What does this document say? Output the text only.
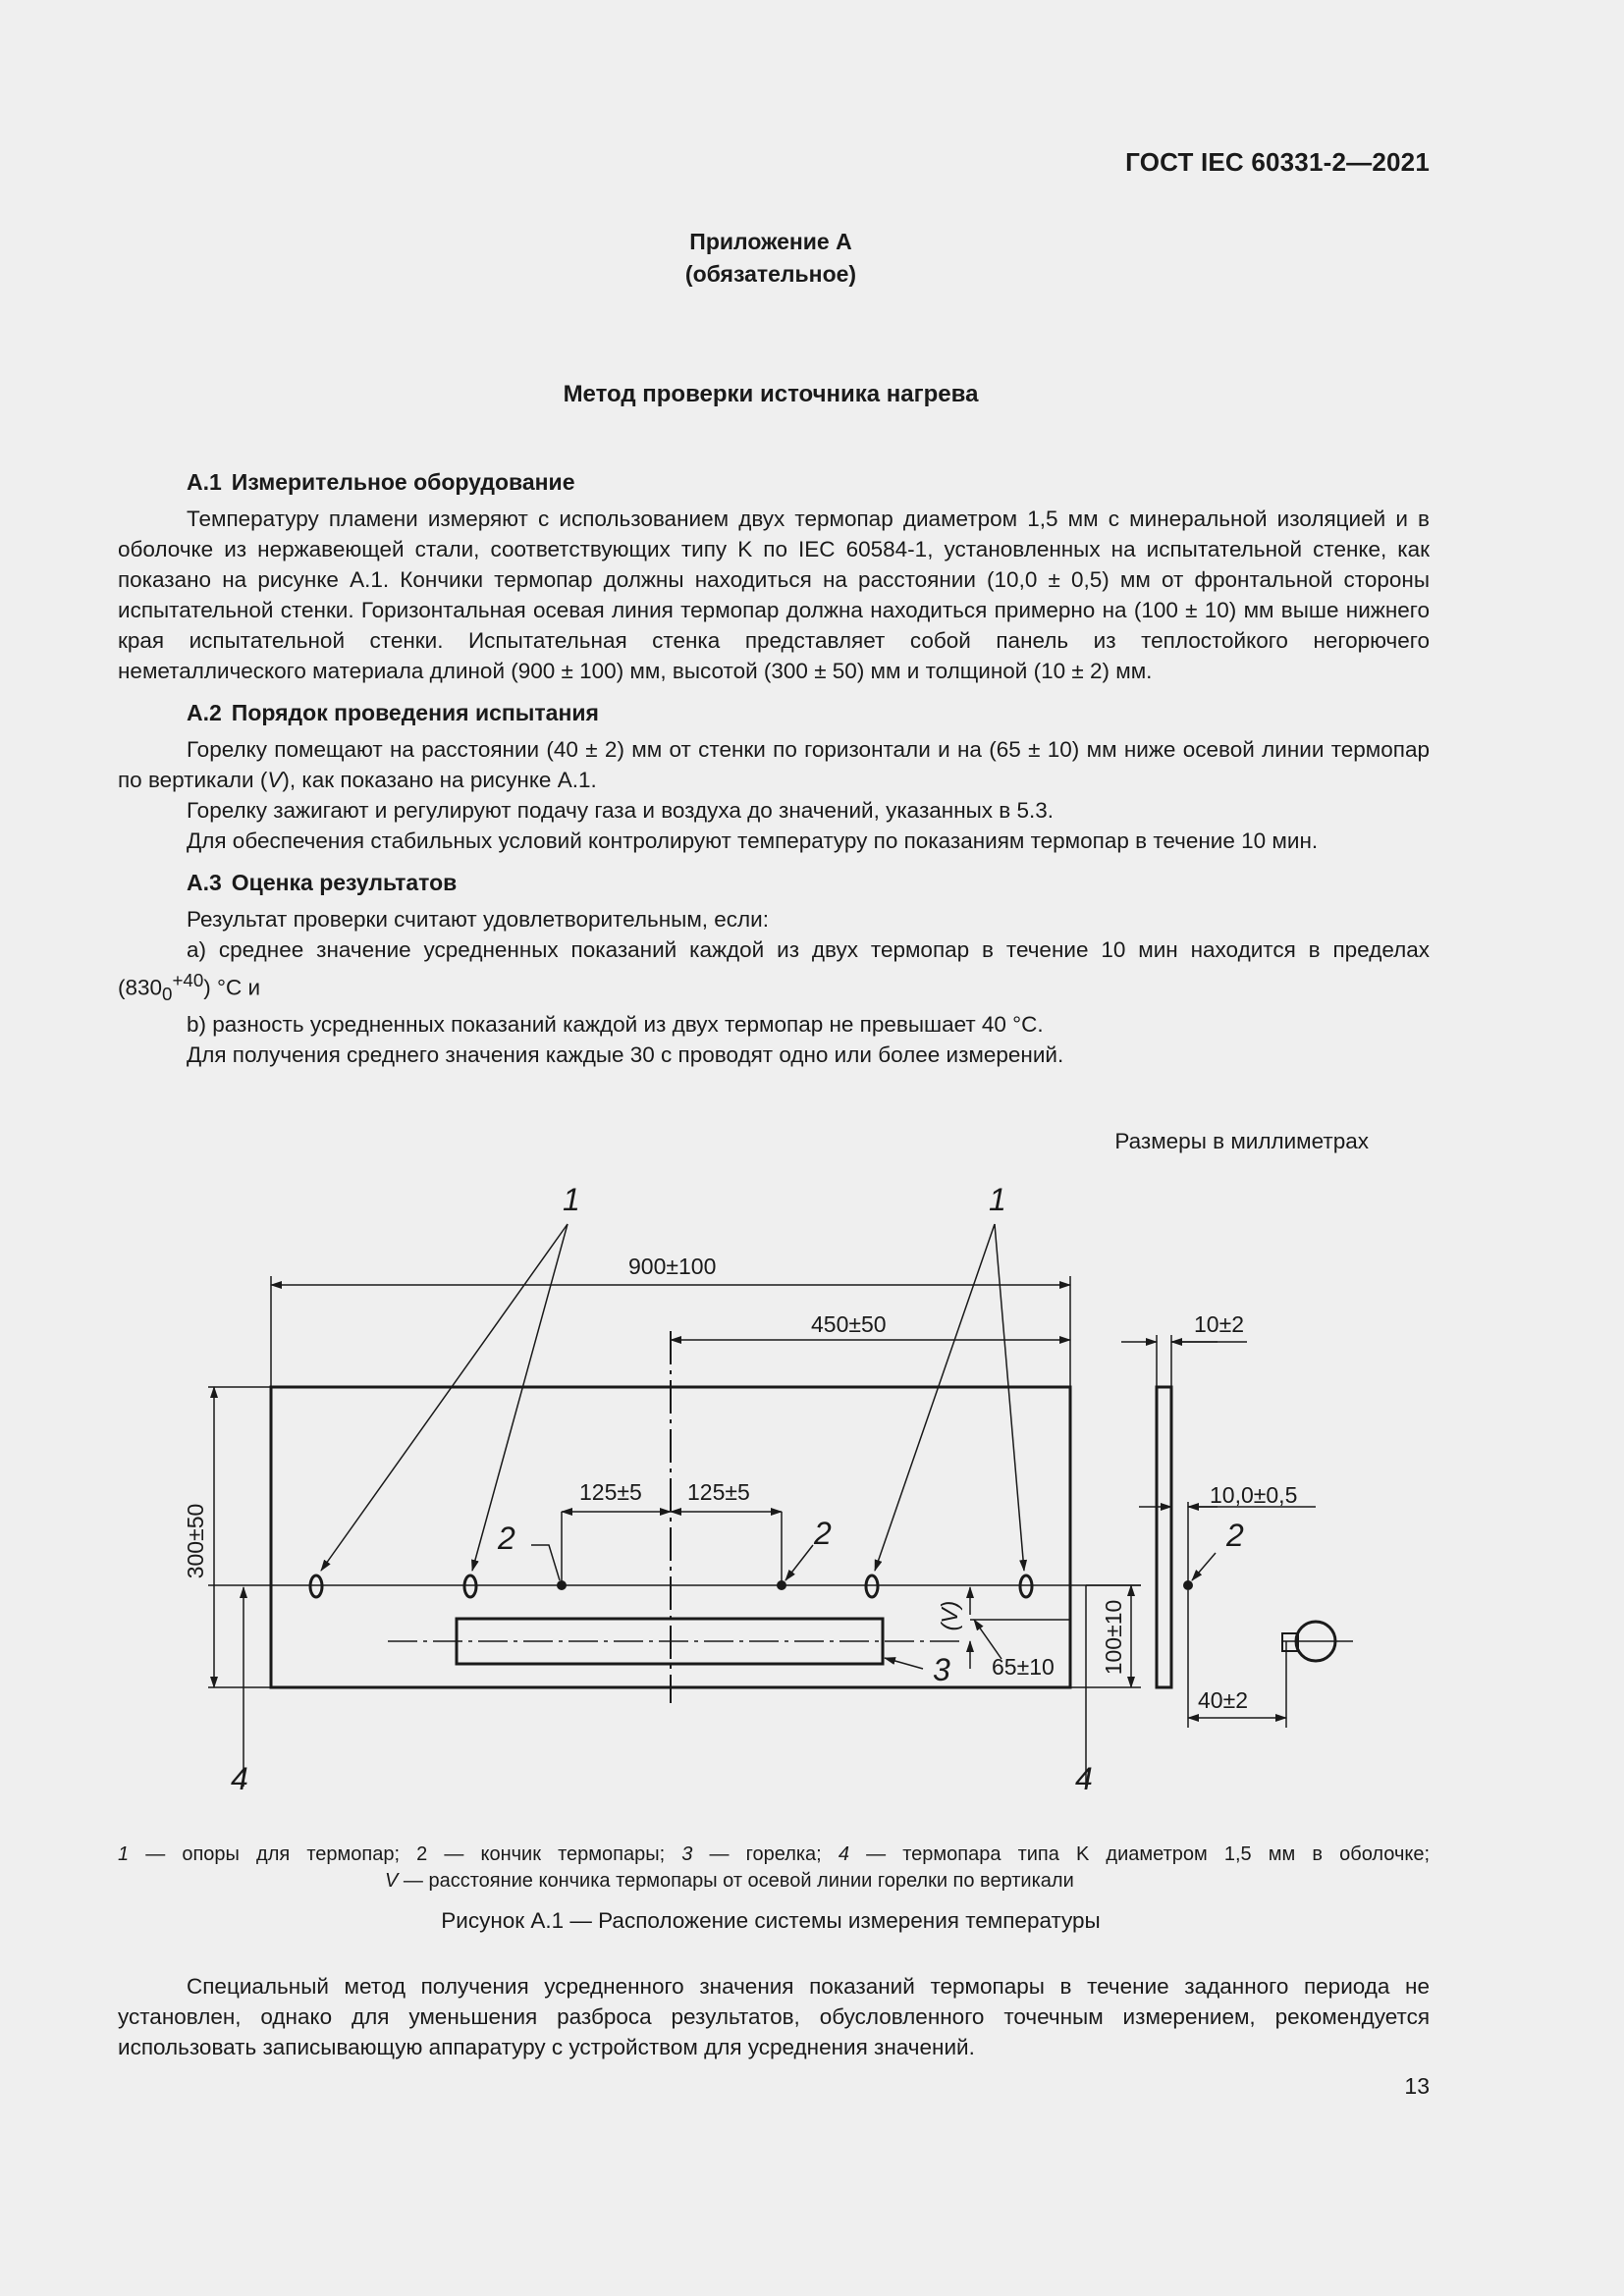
ГОСТ IEC 60331-2—2021
Приложение А
(обязательное)
Метод проверки источника нагрева
А.1 Измерительное оборудование

Температуру пламени измеряют с использованием двух термопар диаметром 1,5 мм с минеральной изоляцией и в оболочке из нержавеющей стали, соответствующих типу K по IEC 60584-1, установленных на испытательной стенке, как показано на рисунке А.1. Кончики термопар должны находиться на расстоянии (10,0 ± 0,5) мм от фронтальной стороны испытательной стенки. Горизонтальная осевая линия термопар должна находиться примерно на (100 ± 10) мм выше нижнего края испытательной стенки. Испытательная стенка представляет собой панель из теплостойкого негорючего неметаллического материала длиной (900 ± 100) мм, высотой (300 ± 50) мм и толщиной (10 ± 2) мм.

А.2 Порядок проведения испытания

Горелку помещают на расстоянии (40 ± 2) мм от стенки по горизонтали и на (65 ± 10) мм ниже осевой линии термопар по вертикали (V), как показано на рисунке А.1.

Горелку зажигают и регулируют подачу газа и воздуха до значений, указанных в 5.3.

Для обеспечения стабильных условий контролируют температуру по показаниям термопар в течение 10 мин.

А.3 Оценка результатов

Результат проверки считают удовлетворительным, если:

a) среднее значение усредненных показаний каждой из двух термопар в течение 10 мин находится в пределах $(830_0^{+40})$ °C и

b) разность усредненных показаний каждой из двух термопар не превышает 40 °C.

Для получения среднего значения каждые 30 с проводят одно или более измерений.

Размеры в миллиметрах
900±100
450±50
300±50
125±5 125±5
10±2
10,0±0,5
100±10
65±10
40±2
(V)
1	1
2	2	2
3
4	4
1 — опоры для термопар; 2 — кончик термопары; 3 — горелка; 4 — термопара типа K диаметром 1,5 мм в оболочке;
V — расстояние кончика термопары от осевой линии горелки по вертикали
Рисунок А.1 — Расположение системы измерения температуры

Специальный метод получения усредненного значения показаний термопары в течение заданного периода не установлен, однако для уменьшения разброса результатов, обусловленного точечным измерением, рекомендуется использовать записывающую аппаратуру с устройством для усреднения значений.

13
